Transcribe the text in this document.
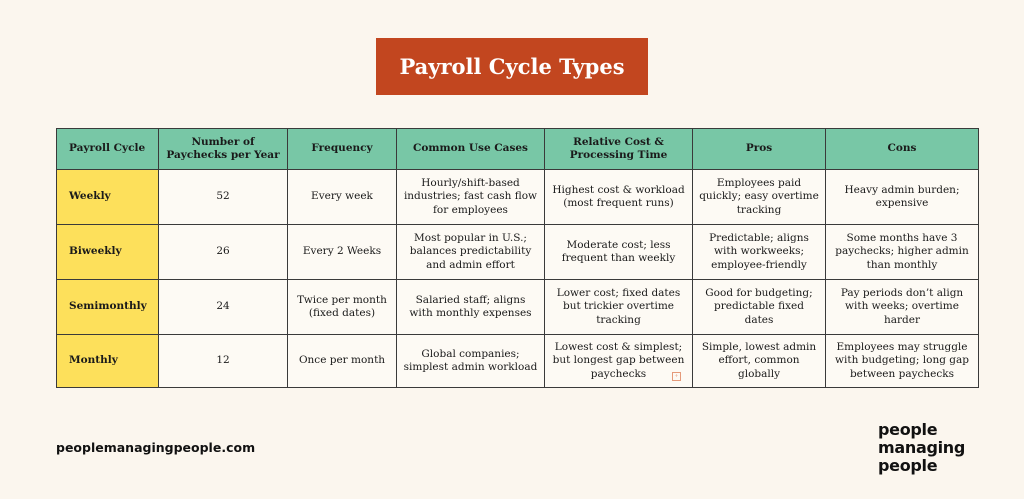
Payroll Cycle Types
Payroll Cycle	Number of Paychecks per Year	Frequency	Common Use Cases	Relative Cost & Processing Time	Pros	Cons
Weekly	52	Every week	Hourly/shift-based industries; fast cash flow for employees	Highest cost & workload (most frequent runs)	Employees paid quickly; easy overtime tracking	Heavy admin burden; expensive
Biweekly	26	Every 2 Weeks	Most popular in U.S.; balances predictability and admin effort	Moderate cost; less frequent than weekly	Predictable; aligns with workweeks; employee-friendly	Some months have 3 paychecks; higher admin than monthly
Semimonthly	24	Twice per month (fixed dates)	Salaried staff; aligns with monthly expenses	Lower cost; fixed dates but trickier overtime tracking	Good for budgeting; predictable fixed dates	Pay periods don’t align with weeks; overtime harder
Monthly	12	Once per month	Global companies; simplest admin workload	Lowest cost & simplest; but longest gap between paychecks	Simple, lowest admin effort, common globally	Employees may struggle with budgeting; long gap between paychecks
+
peoplemanagingpeople.com
people
managing
people
